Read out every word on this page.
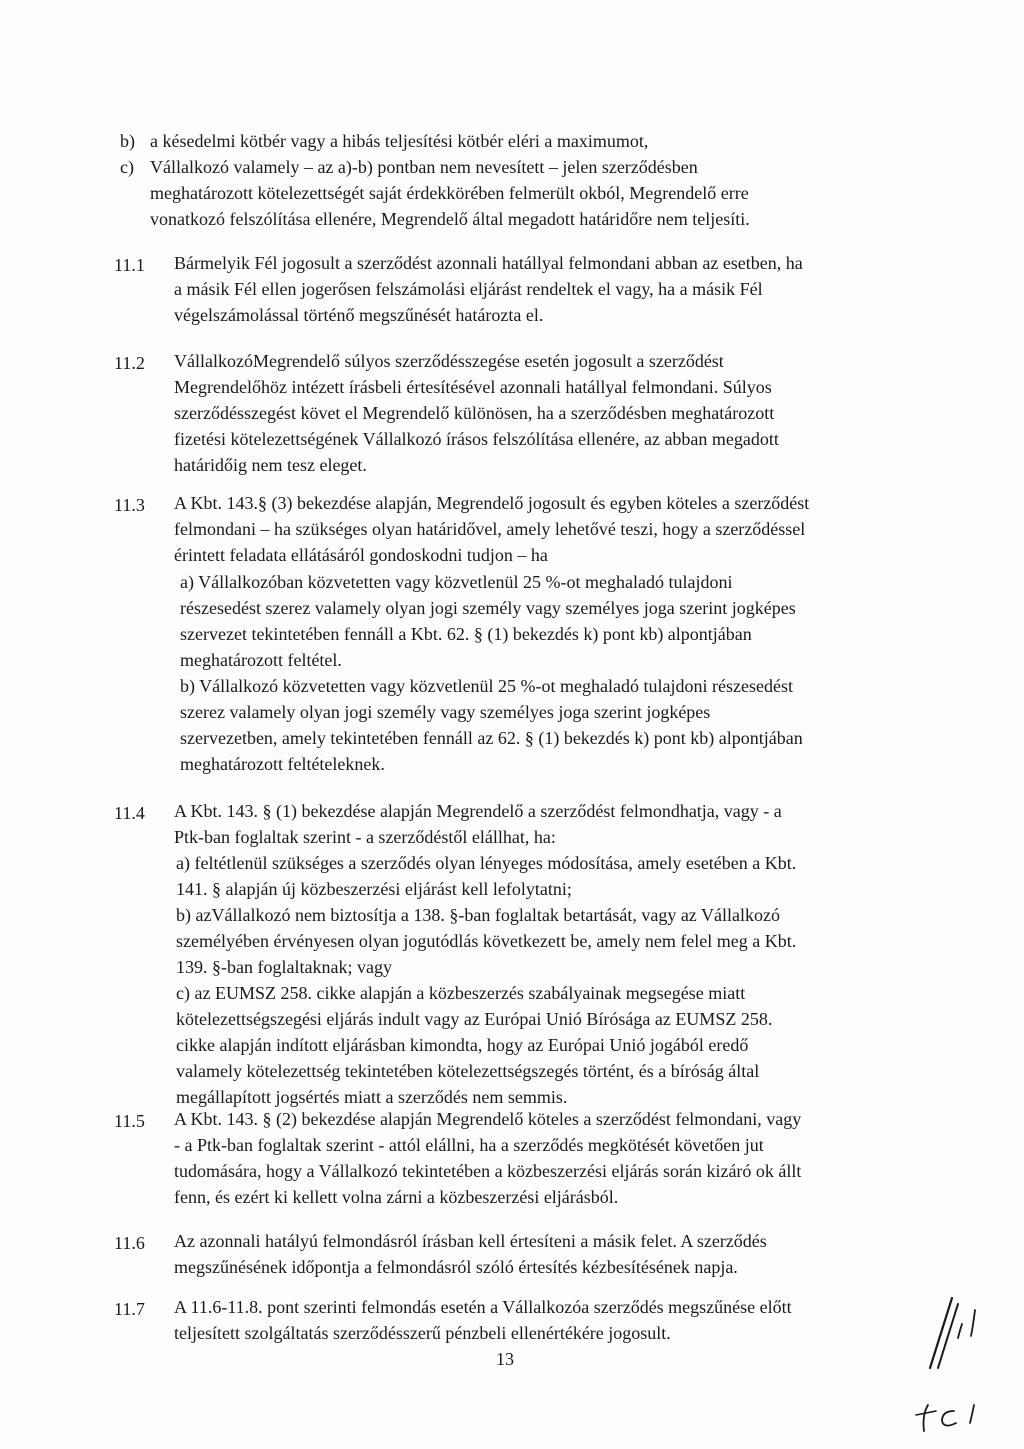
b) a késedelmi kötbér vagy a hibás teljesítési kötbér eléri a maximumot,
c) Vállalkozó valamely – az a)-b) pontban nem nevesített – jelen szerződésben
meghatározott kötelezettségét saját érdekkörében felmerült okból, Megrendelő erre
vonatkozó felszólítása ellenére, Megrendelő által megadott határidőre nem teljesíti.
11.1 Bármelyik Fél jogosult a szerződést azonnali hatállyal felmondani abban az esetben, ha
a másik Fél ellen jogerősen felszámolási eljárást rendeltek el vagy, ha a másik Fél
végelszámolással történő megszűnését határozta el.
11.2 VállalkozóMegrendelő súlyos szerződésszegése esetén jogosult a szerződést
Megrendelőhöz intézett írásbeli értesítésével azonnali hatállyal felmondani. Súlyos
szerződésszegést követ el Megrendelő különösen, ha a szerződésben meghatározott
fizetési kötelezettségének Vállalkozó írásos felszólítása ellenére, az abban megadott
határidőig nem tesz eleget.
11.3 A Kbt. 143.§ (3) bekezdése alapján, Megrendelő jogosult és egyben köteles a szerződést
felmondani – ha szükséges olyan határidővel, amely lehetővé teszi, hogy a szerződéssel
érintett feladata ellátásáról gondoskodni tudjon – ha
a) Vállalkozóban közvetetten vagy közvetlenül 25 %-ot meghaladó tulajdoni
részesedést szerez valamely olyan jogi személy vagy személyes joga szerint jogképes
szervezet tekintetében fennáll a Kbt. 62. § (1) bekezdés k) pont kb) alpontjában
meghatározott feltétel.
b) Vállalkozó közvetetten vagy közvetlenül 25 %-ot meghaladó tulajdoni részesedést
szerez valamely olyan jogi személy vagy személyes joga szerint jogképes
szervezetben, amely tekintetében fennáll az 62. § (1) bekezdés k) pont kb) alpontjában
meghatározott feltételeknek.
11.4 A Kbt. 143. § (1) bekezdése alapján Megrendelő a szerződést felmondhatja, vagy - a
Ptk-ban foglaltak szerint - a szerződéstől elállhat, ha:
a) feltétlenül szükséges a szerződés olyan lényeges módosítása, amely esetében a Kbt.
141. § alapján új közbeszerzési eljárást kell lefolytatni;
b) azVállalkozó nem biztosítja a 138. §-ban foglaltak betartását, vagy az Vállalkozó
személyében érvényesen olyan jogutódlás következett be, amely nem felel meg a Kbt.
139. §-ban foglaltaknak; vagy
c) az EUMSZ 258. cikke alapján a közbeszerzés szabályainak megsegése miatt
kötelezettségszegési eljárás indult vagy az Európai Unió Bírósága az EUMSZ 258.
cikke alapján indított eljárásban kimondta, hogy az Európai Unió jogából eredő
valamely kötelezettség tekintetében kötelezettségszegés történt, és a bíróság által
megállapított jogsértés miatt a szerződés nem semmis.
11.5 A Kbt. 143. § (2) bekezdése alapján Megrendelő köteles a szerződést felmondani, vagy
- a Ptk-ban foglaltak szerint - attól elállni, ha a szerződés megkötését követően jut
tudomására, hogy a Vállalkozó tekintetében a közbeszerzési eljárás során kizáró ok állt
fenn, és ezért ki kellett volna zárni a közbeszerzési eljárásból.
11.6 Az azonnali hatályú felmondásról írásban kell értesíteni a másik felet. A szerződés
megszűnésének időpontja a felmondásról szóló értesítés kézbesítésének napja.
11.7 A 11.6-11.8. pont szerinti felmondás esetén a Vállalkozóa szerződés megszűnése előtt
teljesített szolgáltatás szerződésszerű pénzbeli ellenértékére jogosult.
13
